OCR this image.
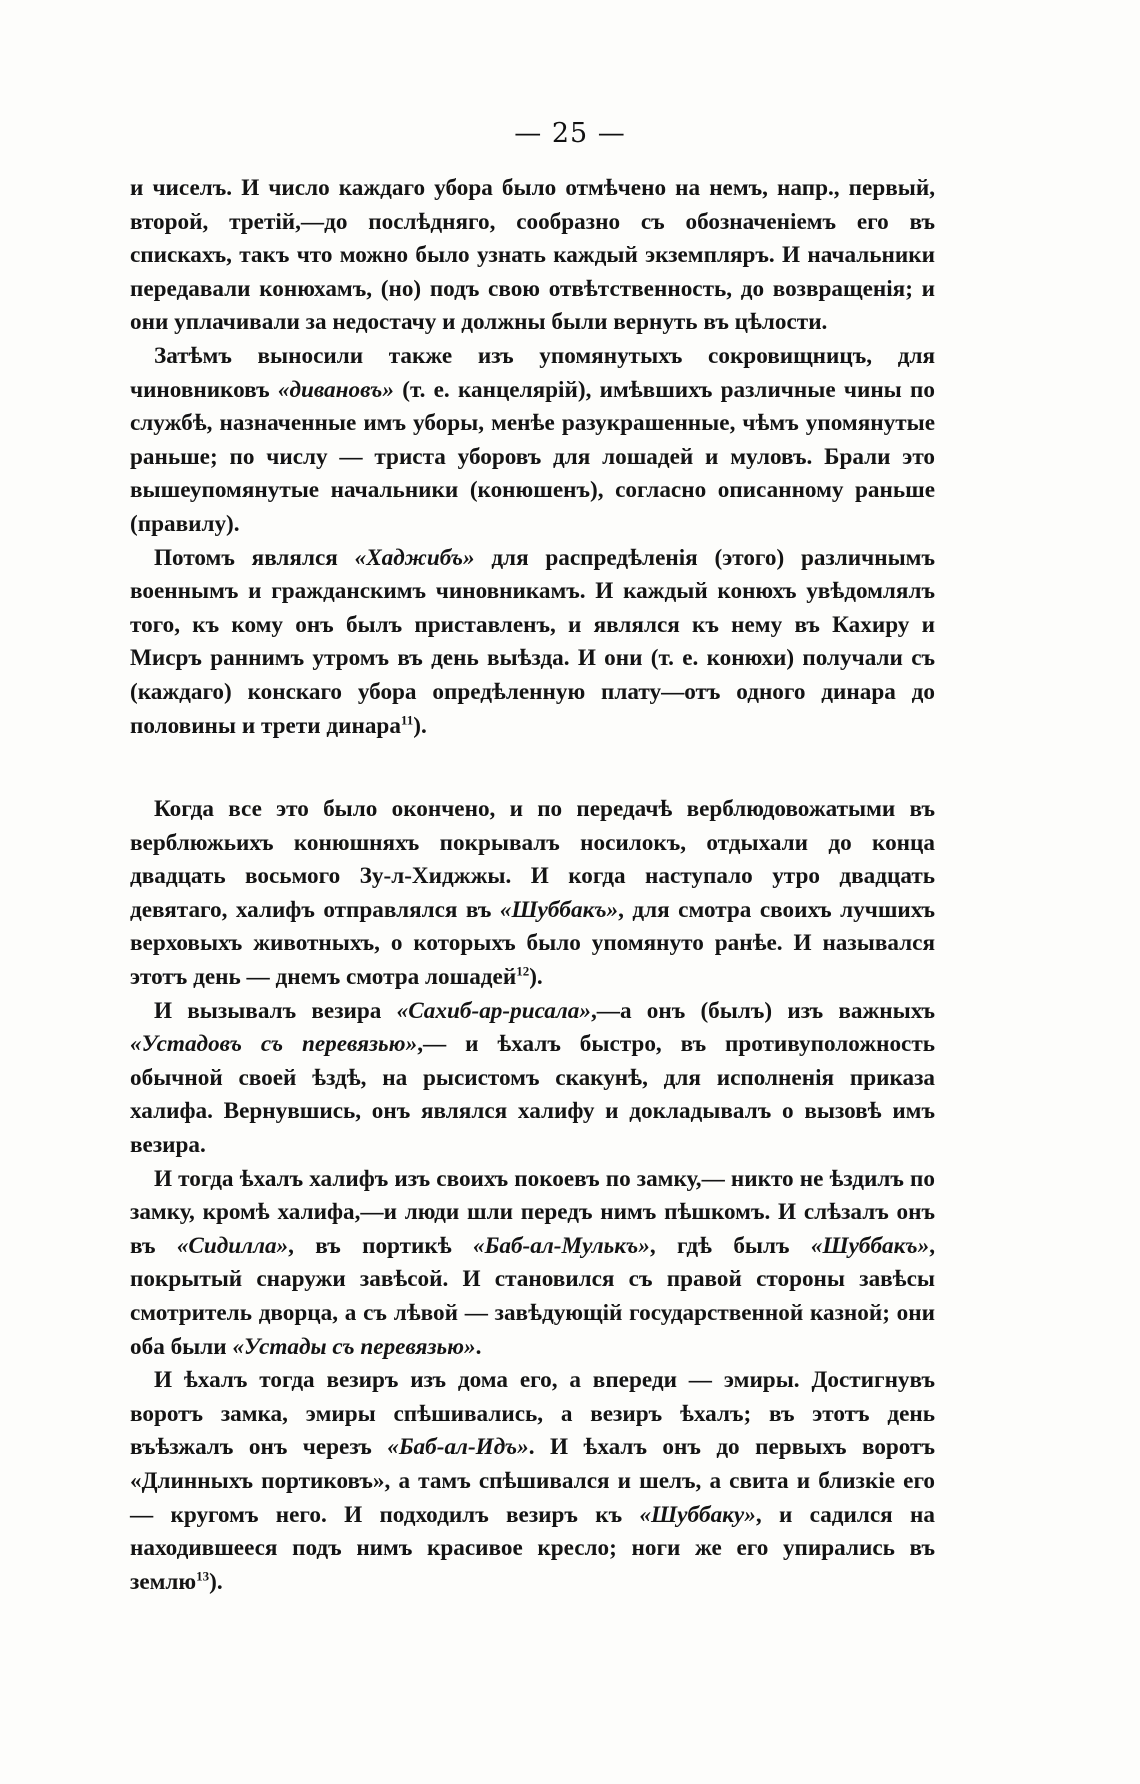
— 25 —

и чиселъ. И число каждаго убора было отмѣчено на немъ, напр., первый, второй, третій,—до послѣдняго, сообразно съ обозначеніемъ его въ спискахъ, такъ что можно было узнать каждый экземпляръ. И начальники передавали конюхамъ, (но) подъ свою отвѣтственность, до возвращенія; и они уплачивали за недостачу и должны были вернуть въ цѣлости.

Затѣмъ выносили также изъ упомянутыхъ сокровищницъ, для чиновниковъ «дивановъ» (т. е. канцелярій), имѣвшихъ различные чины по службѣ, назначенные имъ уборы, менѣе разукрашенные, чѣмъ упомянутые раньше; по числу — триста уборовъ для лошадей и муловъ. Брали это вышеупомянутые начальники (конюшенъ), согласно описанному раньше (правилу).

Потомъ являлся «Хаджибъ» для распредѣленія (этого) различнымъ военнымъ и гражданскимъ чиновникамъ. И каждый конюхъ увѣдомлялъ того, къ кому онъ былъ приставленъ, и являлся къ нему въ Кахиру и Мисръ раннимъ утромъ въ день выѣзда. И они (т. е. конюхи) получали съ (каждаго) конскаго убора опредѣленную плату—отъ одного динара до половины и трети динара$^{11}$).

Когда все это было окончено, и по передачѣ верблюдовожатыми въ верблюжьихъ конюшняхъ покрывалъ носилокъ, отдыхали до конца двадцать восьмого Зу-л-Хиджжы. И когда наступало утро двадцать девятаго, халифъ отправлялся въ «Шуббакъ», для смотра своихъ лучшихъ верховыхъ животныхъ, о которыхъ было упомянуто ранѣе. И назывался этотъ день — днемъ смотра лошадей$^{12}$).

И вызывалъ везира «Сахиб-ар-рисала»,—а онъ (былъ) изъ важныхъ «Устадовъ съ перевязью»,— и ѣхалъ быстро, въ противуположность обычной своей ѣздѣ, на рысистомъ скакунѣ, для исполненія приказа халифа. Вернувшись, онъ являлся халифу и докладывалъ о вызовѣ имъ везира.

И тогда ѣхалъ халифъ изъ своихъ покоевъ по замку,— никто не ѣздилъ по замку, кромѣ халифа,—и люди шли передъ нимъ пѣшкомъ. И слѣзалъ онъ въ «Сидилла», въ портикѣ «Баб-ал-Мулькъ», гдѣ былъ «Шуббакъ», покрытый снаружи завѣсой. И становился съ правой стороны завѣсы смотритель дворца, а съ лѣвой — завѣдующій государственной казной; они оба были «Устады съ перевязью».

И ѣхалъ тогда везиръ изъ дома его, а впереди — эмиры. Достигнувъ воротъ замка, эмиры спѣшивались, а везиръ ѣхалъ; въ этотъ день въѣзжалъ онъ черезъ «Баб-ал-Идъ». И ѣхалъ онъ до первыхъ воротъ «Длинныхъ портиковъ», а тамъ спѣшивался и шелъ, а свита и близкіе его — кругомъ него. И подходилъ везиръ къ «Шуббаку», и садился на находившееся подъ нимъ красивое кресло; ноги же его упирались въ землю$^{13}$).
